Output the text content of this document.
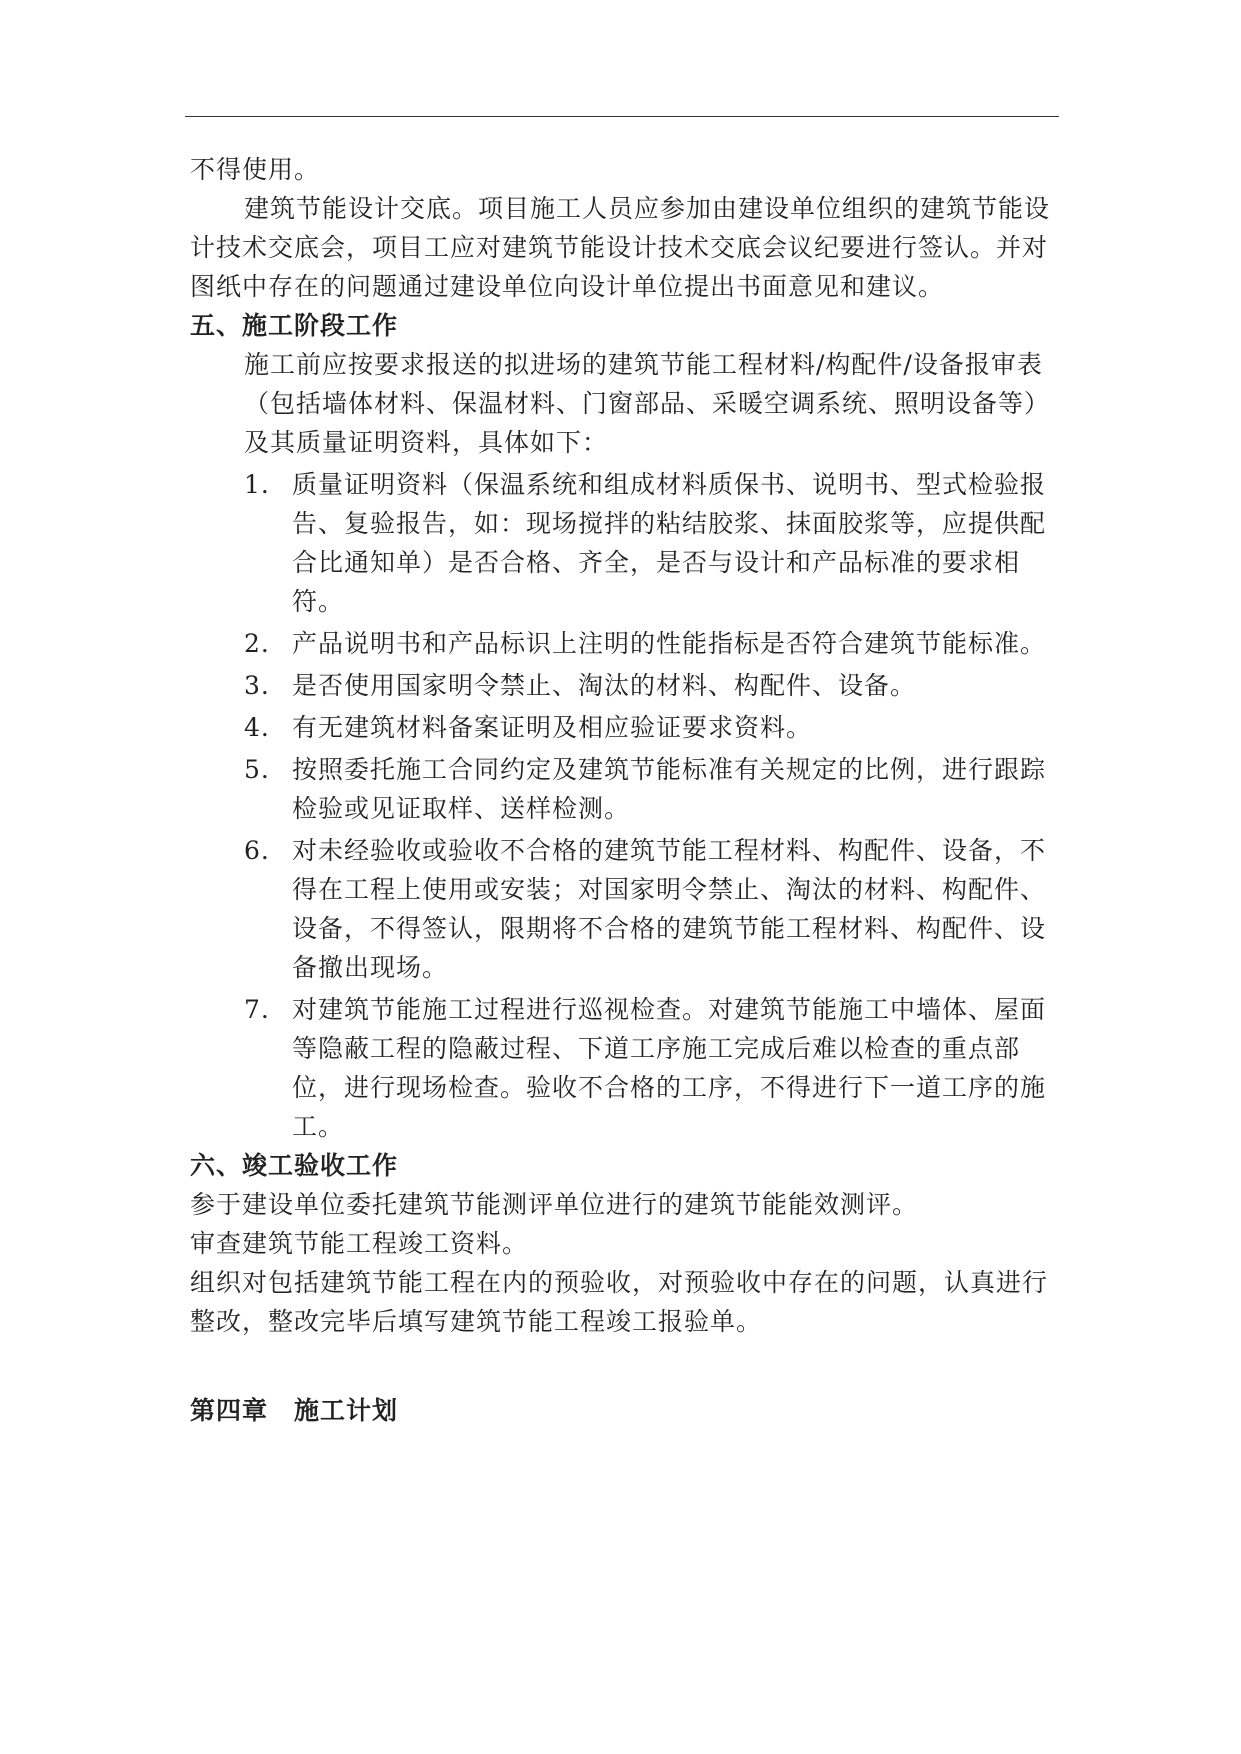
不得使用。

建筑节能设计交底。项目施工人员应参加由建设单位组织的建筑节能设计技术交底会，项目工应对建筑节能设计技术交底会议纪要进行签认。并对图纸中存在的问题通过建设单位向设计单位提出书面意见和建议。

五、施工阶段工作

施工前应按要求报送的拟进场的建筑节能工程材料/构配件/设备报审表（包括墙体材料、保温材料、门窗部品、采暖空调系统、照明设备等）及其质量证明资料，具体如下：

1. 质量证明资料（保温系统和组成材料质保书、说明书、型式检验报告、复验报告，如：现场搅拌的粘结胶浆、抹面胶浆等，应提供配合比通知单）是否合格、齐全，是否与设计和产品标准的要求相符。
2. 产品说明书和产品标识上注明的性能指标是否符合建筑节能标准。
3. 是否使用国家明令禁止、淘汰的材料、构配件、设备。
4. 有无建筑材料备案证明及相应验证要求资料。
5. 按照委托施工合同约定及建筑节能标准有关规定的比例，进行跟踪检验或见证取样、送样检测。
6. 对未经验收或验收不合格的建筑节能工程材料、构配件、设备，不得在工程上使用或安装；对国家明令禁止、淘汰的材料、构配件、设备，不得签认，限期将不合格的建筑节能工程材料、构配件、设备撤出现场。
7. 对建筑节能施工过程进行巡视检查。对建筑节能施工中墙体、屋面等隐蔽工程的隐蔽过程、下道工序施工完成后难以检查的重点部位，进行现场检查。验收不合格的工序，不得进行下一道工序的施工。
六、竣工验收工作

参于建设单位委托建筑节能测评单位进行的建筑节能能效测评。

审查建筑节能工程竣工资料。

组织对包括建筑节能工程在内的预验收，对预验收中存在的问题，认真进行整改，整改完毕后填写建筑节能工程竣工报验单。

第四章　施工计划
